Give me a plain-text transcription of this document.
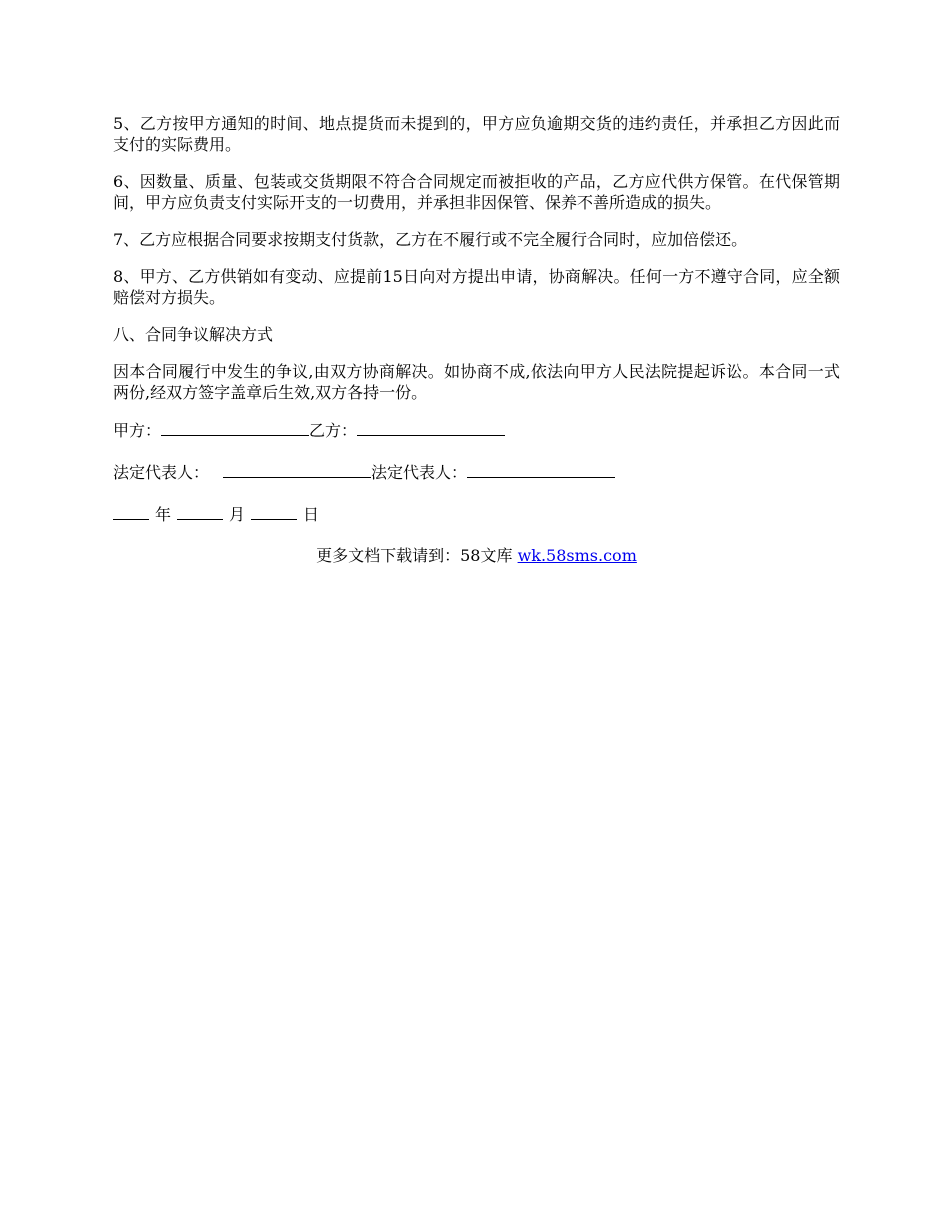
5、乙方按甲方通知的时间、地点提货而未提到的，甲方应负逾期交货的违约责任，并承担乙方因此而支付的实际费用。

6、因数量、质量、包装或交货期限不符合合同规定而被拒收的产品，乙方应代供方保管。在代保管期间，甲方应负责支付实际开支的一切费用，并承担非因保管、保养不善所造成的损失。

7、乙方应根据合同要求按期支付货款，乙方在不履行或不完全履行合同时，应加倍偿还。

8、甲方、乙方供销如有变动、应提前15日向对方提出申请，协商解决。任何一方不遵守合同，应全额赔偿对方损失。

八、合同争议解决方式

因本合同履行中发生的争议,由双方协商解决。如协商不成,依法向甲方人民法院提起诉讼。本合同一式两份,经双方签字盖章后生效,双方各持一份。

甲方：	乙方：
法定代表人：	法定代表人：
年	月	日
更多文档下载请到：58文库 wk.58sms.com
